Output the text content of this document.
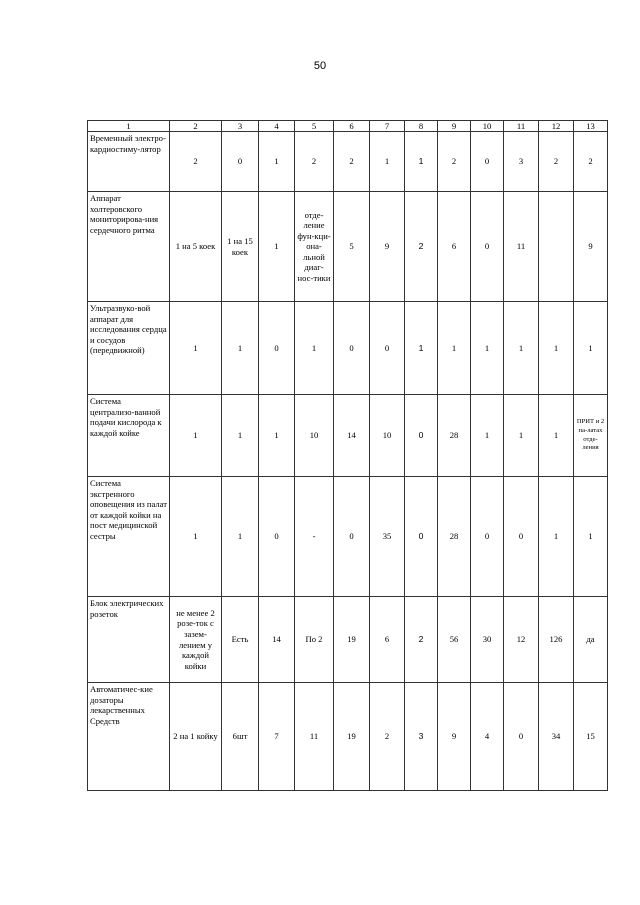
50
1	2	3	4	5	6	7	8	9	10	11	12	13
Временный электро-кардиостиму-лятор	2	0	1	2	2	1	1	2	0	3	2	2
Аппарат холтеровского мониторирова-ния сердечного ритма	1 на 5 коек	1 на 15 коек	1	отде-ление фун-кци-она-льной диаг-нос-тики	5	9	2	6	0	11		9
Ультразвуко-вой аппарат для исследования сердца и сосудов (передвижной)	1	1	0	1	0	0	1	1	1	1	1	1
Система централизо-ванной подачи кислорода к каждой койке	1	1	1	10	14	10	0	28	1	1	1	ПРИТ и 2 па-латах отде-ления
Система экстренного оповещения из палат от каждой койки на пост медицинской сестры	1	1	0	-	0	35	0	28	0	0	1	1
Блок электрических розеток	не менее 2 розе-ток с зазем-лением у каждой койки	Есть	14	По 2	19	6	2	56	30	12	126	да
Автоматичес-кие дозаторы лекарственных Средств	2 на 1 койку	6шт	7	11	19	2	3	9	4	0	34	15
